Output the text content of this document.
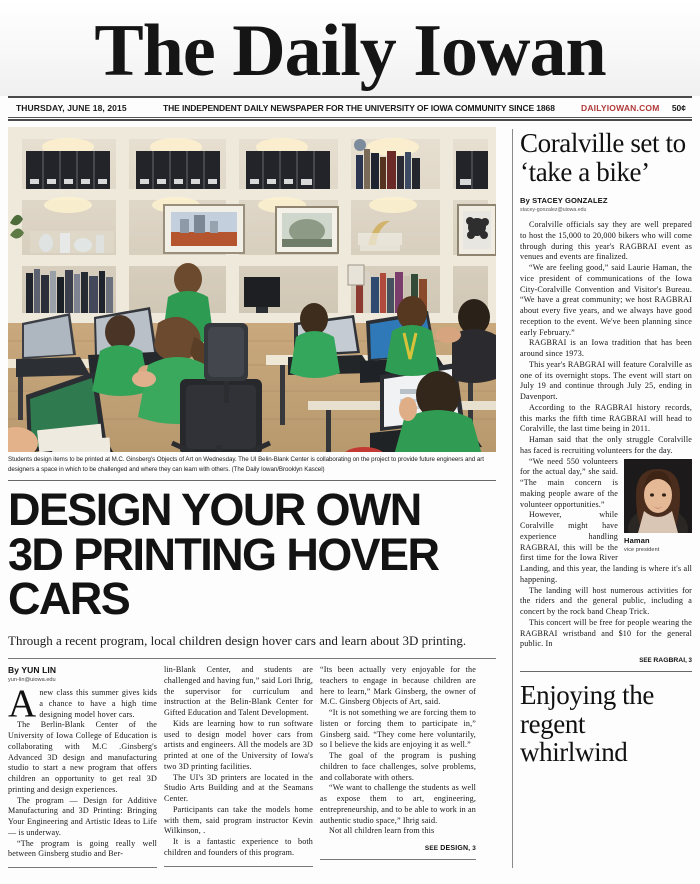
The Daily Iowan
THURSDAY, JUNE 18, 2015	THE INDEPENDENT DAILY NEWSPAPER FOR THE UNIVERSITY OF IOWA COMMUNITY SINCE 1868	DAILYIOWAN.COM 50¢
Students design items to be printed at M.C. Ginsberg's Objects of Art on Wednesday. The UI Belin-Blank Center is collaborating on the project to provide future engineers and art designers a space in which to be challenged and where they can learn with others. (The Daily Iowan/Brooklyn Kascel)
DESIGN YOUR OWN
3D PRINTING HOVER CARS
Through a recent program, local children design hover cars and learn about 3D printing.
By YUN LIN
yun-lin@uiowa.edu

Anew class this summer gives kids a chance to have a high time designing model hover cars.

The Berlin-Blank Center of the University of Iowa College of Education is collaborating with M.C .Ginsberg's Advanced 3D design and manufacturing studio to start a new program that offers children an opportunity to get real 3D printing and design experiences.

The program — Design for Additive Manufacturing and 3D Printing: Bringing Your Engineering and Artistic Ideas to Life — is underway.

“The program is going really well between Ginsberg studio and Ber-

lin-Blank Center, and students are challenged and having fun,” said Lori Ihrig, the supervisor for curriculum and instruction at the Belin-Blank Center for Gifted Education and Talent Development.

Kids are learning how to run software used to design model hover cars from artists and engineers. All the models are 3D printed at one of the University of Iowa's two 3D printing facilities.

The UI's 3D printers are located in the Studio Arts Building and at the Seamans Center.

Participants can take the models home with them, said program instructor Kevin Wilkinson, .

It is a fantastic experience to both children and founders of this program.

“Its been actually very enjoyable for the teachers to engage in because children are here to learn,” Mark Ginsberg, the owner of M.C. Ginsberg Objects of Art, said.

“It is not something we are forcing them to listen or forcing them to participate in,” Ginsberg said. “They come here voluntarily, so I believe the kids are enjoying it as well.”

The goal of the program is pushing children to face challenges, solve problems, and collaborate with others.

“We want to challenge the students as well as expose them to art, engineering, entrepreneurship, and to be able to work in an authentic studio space,” Ihrig said.

Not all children learn from this

SEE DESIGN, 3
Coralville set to ‘take a bike’
By STACEY GONZALEZ
stacey-gonzalez@uiowa.edu

Coralville officials say they are well prepared to host the 15,000 to 20,000 bikers who will come through during this year's RAGBRAI event as venues and events are finalized.

“We are feeling good,” said Laurie Haman, the vice president of communications of the Iowa City-Coralville Convention and Visitor's Bureau. “We have a great community; we host RAGBRAI about every five years, and we always have good reception to the event. We've been planning since early February.”

RAGBRAI is an Iowa tradition that has been around since 1973.

This year's RABGRAI will feature Coralville as one of its overnight stops. The event will start on July 19 and continue through July 25, ending in Davenport.

According to the RAGBRAI history records, this marks the fifth time RAGBRAI will head to Coralville, the last time being in 2011.

Haman said that the only struggle Coralville has faced is recruiting volunteers for the day.

Haman
vice president

“We need 550 volunteers for the actual day,” she said. “The main concern is making people aware of the volunteer opportunities.”

However, while Coralville might have experience handling RAGBRAI, this will be the first time for the Iowa River Landing, and this year, the landing is where it's all happening.

The landing will host numerous activities for the riders and the general public, including a concert by the rock band Cheap Trick.

This concert will be free for people wearing the RAGBRAI wristband and $10 for the general public. In

SEE RAGBRAI, 3
Enjoying the regent whirlwind
